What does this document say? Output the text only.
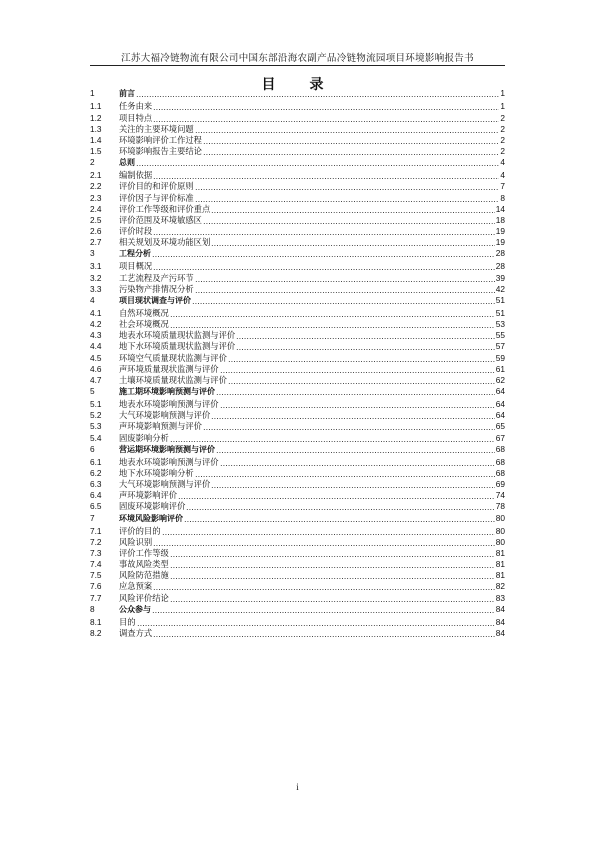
江苏大福冷链物流有限公司中国东部沿海农副产品冷链物流园项目环境影响报告书
目　录
1	前言	1
1.1	任务由来	1
1.2	项目特点	2
1.3	关注的主要环境问题	2
1.4	环境影响评价工作过程	2
1.5	环境影响报告主要结论	2
2	总则	4
2.1	编制依据	4
2.2	评价目的和评价原则	7
2.3	评价因子与评价标准	8
2.4	评价工作等级和评价重点	14
2.5	评价范围及环境敏感区	18
2.6	评价时段	19
2.7	相关规划及环境功能区划	19
3	工程分析	28
3.1	项目概况	28
3.2	工艺流程及产污环节	39
3.3	污染物产排情况分析	42
4	项目现状调查与评价	51
4.1	自然环境概况	51
4.2	社会环境概况	53
4.3	地表水环境质量现状监测与评价	55
4.4	地下水环境质量现状监测与评价	57
4.5	环境空气质量现状监测与评价	59
4.6	声环境质量现状监测与评价	61
4.7	土壤环境质量现状监测与评价	62
5	施工期环境影响预测与评价	64
5.1	地表水环境影响预测与评价	64
5.2	大气环境影响预测与评价	64
5.3	声环境影响预测与评价	65
5.4	固废影响分析	67
6	营运期环境影响预测与评价	68
6.1	地表水环境影响预测与评价	68
6.2	地下水环境影响分析	68
6.3	大气环境影响预测与评价	69
6.4	声环境影响评价	74
6.5	固废环境影响评价	78
7	环境风险影响评价	80
7.1	评价的目的	80
7.2	风险识别	80
7.3	评价工作等级	81
7.4	事故风险类型	81
7.5	风险防范措施	81
7.6	应急预案	82
7.7	风险评价结论	83
8	公众参与	84
8.1	目的	84
8.2	调查方式	84
i
